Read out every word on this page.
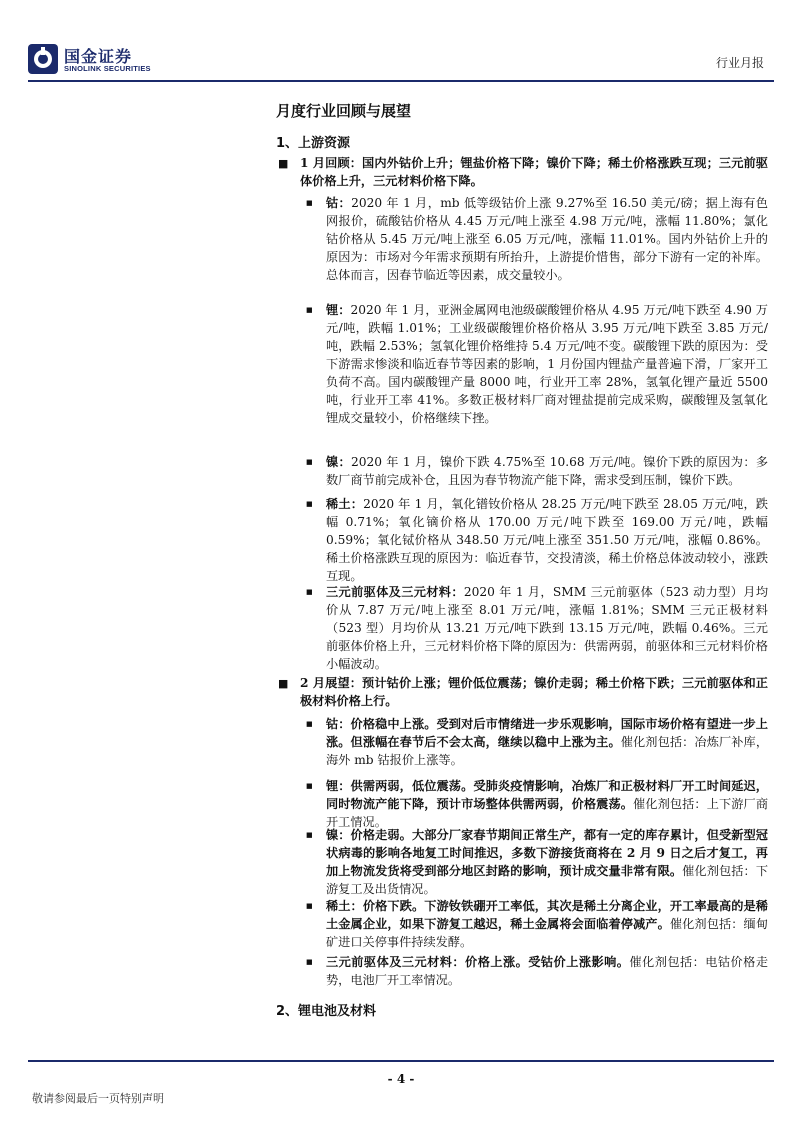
国金证券
SINOLINK SECURITIES	行业月报
月度行业回顾与展望
1、上游资源
■ 1 月回顾：国内外钴价上升；锂盐价格下降；镍价下降；稀土价格涨跌互现；三元前驱体价格上升，三元材料价格下降。
■ 钴：2020 年 1 月，mb 低等级钴价上涨 9.27%至 16.50 美元/磅；据上海有色网报价，硫酸钴价格从 4.45 万元/吨上涨至 4.98 万元/吨，涨幅 11.80%；氯化钴价格从 5.45 万元/吨上涨至 6.05 万元/吨，涨幅 11.01%。国内外钴价上升的原因为：市场对今年需求预期有所抬升，上游提价惜售，部分下游有一定的补库。总体而言，因春节临近等因素，成交量较小。
■ 锂：2020 年 1 月，亚洲金属网电池级碳酸锂价格从 4.95 万元/吨下跌至 4.90 万元/吨，跌幅 1.01%；工业级碳酸锂价格价格从 3.95 万元/吨下跌至 3.85 万元/吨，跌幅 2.53%；氢氧化锂价格维持 5.4 万元/吨不变。碳酸锂下跌的原因为：受下游需求惨淡和临近春节等因素的影响，1 月份国内锂盐产量普遍下滑，厂家开工负荷不高。国内碳酸锂产量 8000 吨，行业开工率 28%，氢氧化锂产量近 5500 吨，行业开工率 41%。多数正极材料厂商对锂盐提前完成采购，碳酸锂及氢氧化锂成交量较小，价格继续下挫。
■ 镍：2020 年 1 月，镍价下跌 4.75%至 10.68 万元/吨。镍价下跌的原因为：多数厂商节前完成补仓，且因为春节物流产能下降，需求受到压制，镍价下跌。
■ 稀土：2020 年 1 月，氧化镨钕价格从 28.25 万元/吨下跌至 28.05 万元/吨，跌幅 0.71%；氧化镝价格从 170.00 万元/吨下跌至 169.00 万元/吨，跌幅 0.59%；氧化铽价格从 348.50 万元/吨上涨至 351.50 万元/吨，涨幅 0.86%。稀土价格涨跌互现的原因为：临近春节，交投清淡，稀土价格总体波动较小，涨跌互现。
■ 三元前驱体及三元材料：2020 年 1 月，SMM 三元前驱体（523 动力型）月均价从 7.87 万元/吨上涨至 8.01 万元/吨，涨幅 1.81%；SMM 三元正极材料（523 型）月均价从 13.21 万元/吨下跌到 13.15 万元/吨，跌幅 0.46%。三元前驱体价格上升，三元材料价格下降的原因为：供需两弱，前驱体和三元材料价格小幅波动。
■ 2 月展望：预计钴价上涨；锂价低位震荡；镍价走弱；稀土价格下跌；三元前驱体和正极材料价格上行。
■ 钴：价格稳中上涨。受到对后市情绪进一步乐观影响，国际市场价格有望进一步上涨。但涨幅在春节后不会太高，继续以稳中上涨为主。催化剂包括：冶炼厂补库，海外 mb 钴报价上涨等。
■ 锂：供需两弱，低位震荡。受肺炎疫情影响，冶炼厂和正极材料厂开工时间延迟，同时物流产能下降，预计市场整体供需两弱，价格震荡。催化剂包括：上下游厂商开工情况。
■ 镍：价格走弱。大部分厂家春节期间正常生产，都有一定的库存累计，但受新型冠状病毒的影响各地复工时间推迟，多数下游接货商将在 2 月 9 日之后才复工，再加上物流发货将受到部分地区封路的影响，预计成交量非常有限。催化剂包括：下游复工及出货情况。
■ 稀土：价格下跌。下游钕铁硼开工率低，其次是稀土分离企业，开工率最高的是稀土金属企业，如果下游复工越迟，稀土金属将会面临着停减产。催化剂包括：缅甸矿进口关停事件持续发酵。
■ 三元前驱体及三元材料：价格上涨。受钴价上涨影响。催化剂包括：电钴价格走势，电池厂开工率情况。
2、锂电池及材料
- 4 -
敬请参阅最后一页特别声明
